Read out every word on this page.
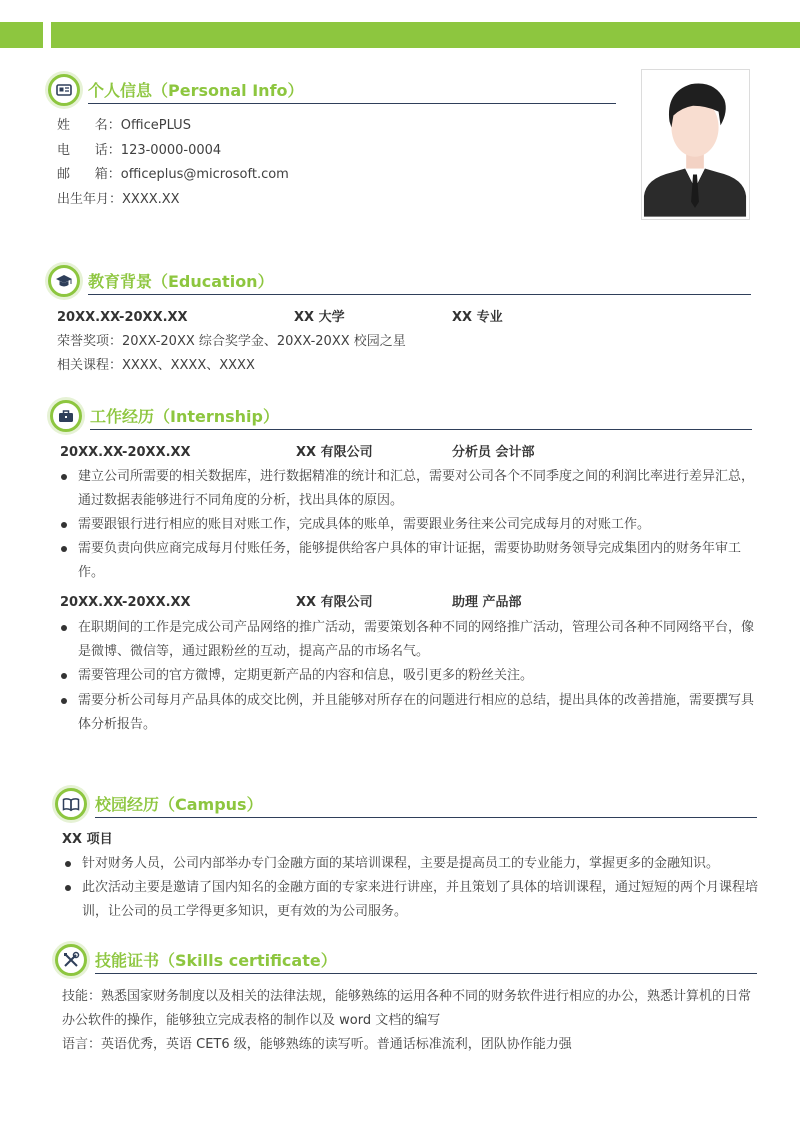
个人信息（Personal Info）
姓      名：OfficePLUS
电      话：123-0000-0004
邮      箱：officeplus@microsoft.com
出生年月：XXXX.XX
教育背景（Education）
20XX.XX-20XX.XX	XX 大学	XX 专业
荣誉奖项：20XX-20XX 综合奖学金、20XX-20XX 校园之星
相关课程：XXXX、XXXX、XXXX
工作经历（Internship）
20XX.XX-20XX.XX	XX 有限公司	分析员 会计部
建立公司所需要的相关数据库，进行数据精准的统计和汇总，需要对公司各个不同季度之间的利润比率进行差异汇总，通过数据表能够进行不同角度的分析，找出具体的原因。
需要跟银行进行相应的账目对账工作，完成具体的账单，需要跟业务往来公司完成每月的对账工作。
需要负责向供应商完成每月付账任务，能够提供给客户具体的审计证据，需要协助财务领导完成集团内的财务年审工作。
20XX.XX-20XX.XX	XX 有限公司	助理 产品部
在职期间的工作是完成公司产品网络的推广活动，需要策划各种不同的网络推广活动，管理公司各种不同网络平台，像是微博、微信等，通过跟粉丝的互动，提高产品的市场名气。
需要管理公司的官方微博，定期更新产品的内容和信息，吸引更多的粉丝关注。
需要分析公司每月产品具体的成交比例，并且能够对所存在的问题进行相应的总结，提出具体的改善措施，需要撰写具体分析报告。
校园经历（Campus）
XX 项目
针对财务人员，公司内部举办专门金融方面的某培训课程，主要是提高员工的专业能力，掌握更多的金融知识。
此次活动主要是邀请了国内知名的金融方面的专家来进行讲座，并且策划了具体的培训课程，通过短短的两个月课程培训，让公司的员工学得更多知识，更有效的为公司服务。
技能证书（Skills certificate）
技能：熟悉国家财务制度以及相关的法律法规，能够熟练的运用各种不同的财务软件进行相应的办公，熟悉计算机的日常办公软件的操作，能够独立完成表格的制作以及 word 文档的编写
语言：英语优秀，英语 CET6 级，能够熟练的读写听。普通话标准流利，团队协作能力强
